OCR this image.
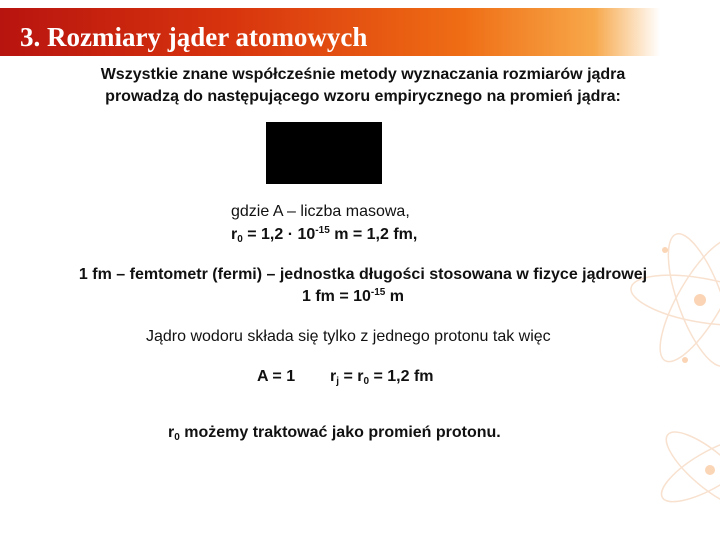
3. Rozmiary jąder atomowych
Wszystkie znane współcześnie metody wyznaczania rozmiarów jądra
prowadzą do następującego wzoru empirycznego na promień jądra:
gdzie A – liczba masowa,
$r_0 = 1,2 \cdot 10^{-15}$ m = 1,2 fm,
1 fm – femtometr (fermi) – jednostka długości stosowana w fizyce jądrowej
1 fm = $10^{-15}$ m
Jądro wodoru składa się tylko z jednego protonu tak więc
A = 1 $r_j = r_0 = 1,2$ fm
$r_0$ możemy traktować jako promień protonu.
